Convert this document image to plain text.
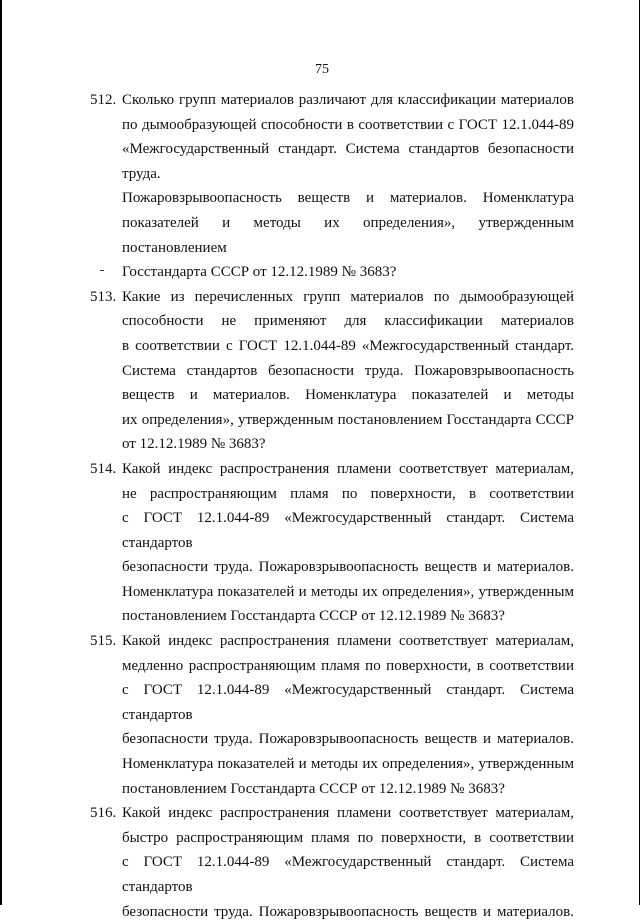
75
512. Сколько групп материалов различают для классификации материалов
по дымообразующей способности в соответствии с ГОСТ 12.1.044-89
«Межгосударственный стандарт. Система стандартов безопасности труда.
Пожаровзрывоопасность веществ и материалов. Номенклатура
показателей и методы их определения», утвержденным постановлением
Госстандарта СССР от 12.12.1989 № 3683?
513. Какие из перечисленных групп материалов по дымообразующей
способности не применяют для классификации материалов
в соответствии с ГОСТ 12.1.044-89 «Межгосударственный стандарт.
Система стандартов безопасности труда. Пожаровзрывоопасность
веществ и материалов. Номенклатура показателей и методы
их определения», утвержденным постановлением Госстандарта СССР
от 12.12.1989 № 3683?
514. Какой индекс распространения пламени соответствует материалам,
не распространяющим пламя по поверхности, в соответствии
с ГОСТ 12.1.044-89 «Межгосударственный стандарт. Система стандартов
безопасности труда. Пожаровзрывоопасность веществ и материалов.
Номенклатура показателей и методы их определения», утвержденным
постановлением Госстандарта СССР от 12.12.1989 № 3683?
515. Какой индекс распространения пламени соответствует материалам,
медленно распространяющим пламя по поверхности, в соответствии
с ГОСТ 12.1.044-89 «Межгосударственный стандарт. Система стандартов
безопасности труда. Пожаровзрывоопасность веществ и материалов.
Номенклатура показателей и методы их определения», утвержденным
постановлением Госстандарта СССР от 12.12.1989 № 3683?
516. Какой индекс распространения пламени соответствует материалам,
быстро распространяющим пламя по поверхности, в соответствии
с ГОСТ 12.1.044-89 «Межгосударственный стандарт. Система стандартов
безопасности труда. Пожаровзрывоопасность веществ и материалов.
